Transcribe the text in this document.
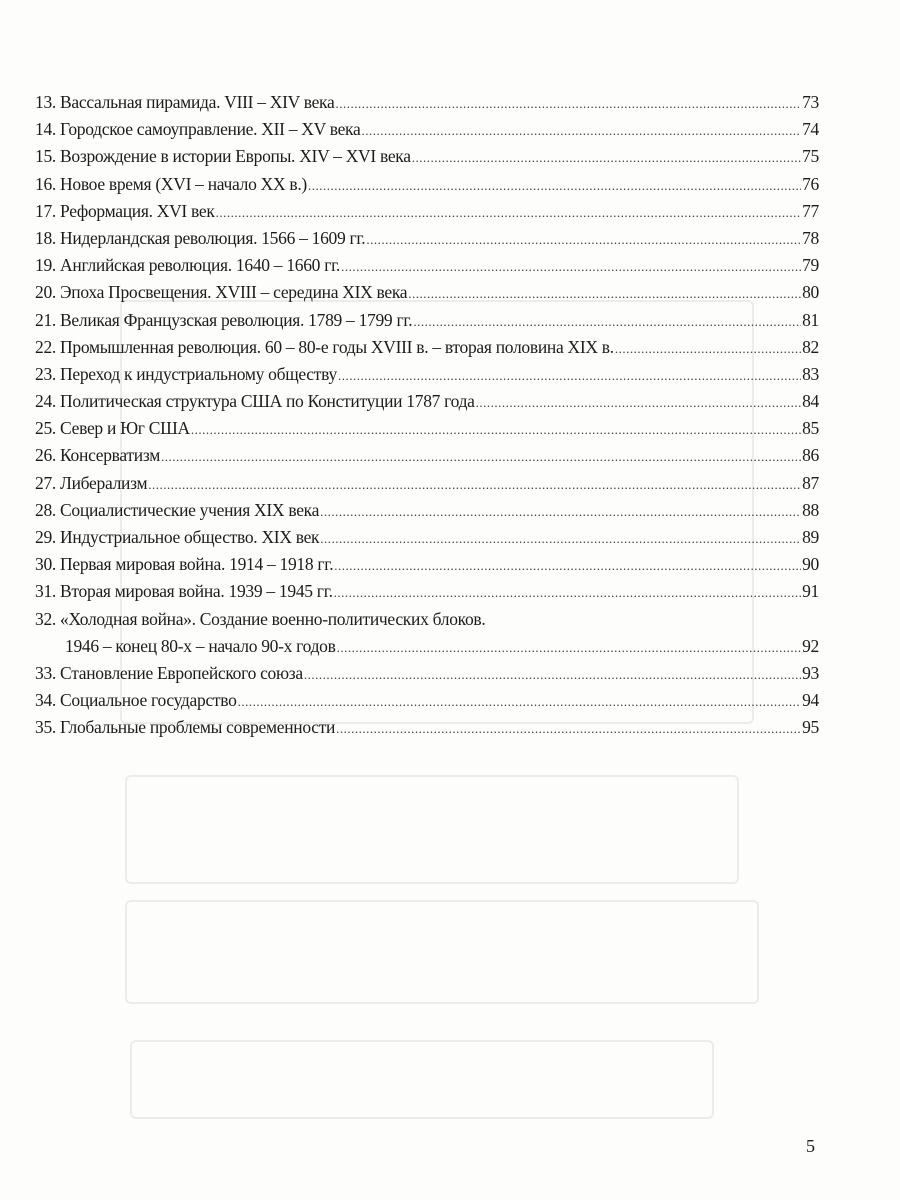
13. Вассальная пирамида. VIII – XIV века .....	73
14. Городское самоуправление. XII – XV века .....	74
15. Возрождение в истории Европы. XIV – XVI века .....	75
16. Новое время (XVI – начало XX в.) .....	76
17. Реформация. XVI век .....	77
18. Нидерландская революция. 1566 – 1609 гг. .....	78
19. Английская революция. 1640 – 1660 гг. .....	79
20. Эпоха Просвещения. XVIII – середина XIX века .....	80
21. Великая Французская революция. 1789 – 1799 гг. .....	81
22. Промышленная революция. 60 – 80-е годы XVIII в. – вторая половина XIX в. .....	82
23. Переход к индустриальному обществу .....	83
24. Политическая структура США по Конституции 1787 года .....	84
25. Север и Юг США .....	85
26. Консерватизм .....	86
27. Либерализм .....	87
28. Социалистические учения XIX века .....	88
29. Индустриальное общество. XIX век .....	89
30. Первая мировая война. 1914 – 1918 гг. .....	90
31. Вторая мировая война. 1939 – 1945 гг. .....	91
32. «Холодная война». Создание военно-политических блоков.
1946 – конец 80-х – начало 90-х годов .....	92
33. Становление Европейского союза .....	93
34. Социальное государство .....	94
35. Глобальные проблемы современности .....	95
5
